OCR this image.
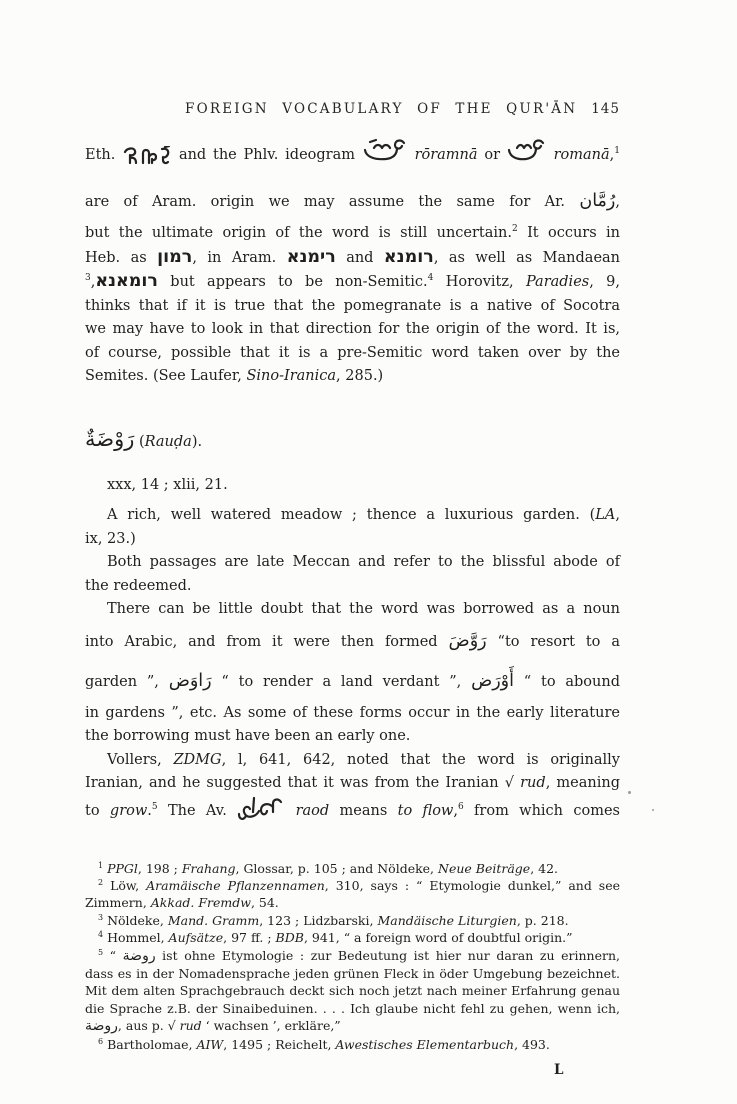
FOREIGN VOCABULARY OF THE QUR'ĀN 145
Eth.	and the Phlv. ideogram	rōramnā or	romanā,$^1$
are of Aram. origin we may assume the same for Ar. رُمَّان,
but the ultimate origin of the word is still uncertain.$^2$ It occurs in
Heb. as רמון, in Aram. רימנא and רומנא, as well as Mandaean
רומאנא,$^3$	but appears to be non-Semitic.$^4$ Horovitz, Paradies, 9,
thinks that if it is true that the pomegranate is a native of Socotra
we may have to look in that direction for the origin of the word. It is,
of course, possible that it is a pre-Semitic word taken over by the
Semites. (See Laufer, Sino-Iranica, 285.)
رَوْضَةٌ (Rauḍa).
xxx, 14 ; xlii, 21.
A rich, well watered meadow ; thence a luxurious garden. (LA,
ix, 23.)
Both passages are late Meccan and refer to the blissful abode of
the redeemed.
There can be little doubt that the word was borrowed as a noun
into Arabic, and from it were then formed رَوَّضَ “to resort to a
garden ”, رَاوَض “ to render a land verdant ”, أَوْرَض “ to abound
in gardens ”, etc. As some of these forms occur in the early literature
the borrowing must have been an early one.
Vollers, ZDMG, l, 641, 642, noted that the word is originally
Iranian, and he suggested that it was from the Iranian √ rud, meaning
to grow.$^5$ The Av.	raod means to flow,$^6$ from which comes
$^1$ PPGl, 198 ; Frahang, Glossar, p. 105 ; and Nöldeke, Neue Beiträge, 42.
$^2$ Löw, Aramäische Pflanzennamen, 310, says : “ Etymologie dunkel,” and see
Zimmern, Akkad. Fremdw, 54.
$^3$ Nöldeke, Mand. Gramm, 123 ; Lidzbarski, Mandäische Liturgien, p. 218.
$^4$ Hommel, Aufsätze, 97 ff. ; BDB, 941, “ a foreign word of doubtful origin.”
$^5$ “ روضة ist ohne Etymologie : zur Bedeutung ist hier nur daran zu erinnern,
dass es in der Nomadensprache jeden grünen Fleck in öder Umgebung bezeichnet.
Mit dem alten Sprachgebrauch deckt sich noch jetzt nach meiner Erfahrung genau
die Sprache z.B. der Sinaibeduinen. . . . Ich glaube nicht fehl zu gehen, wenn ich,
روضة, aus p. √ rud ‘ wachsen ’, erkläre,”
$^6$ Bartholomae, AIW, 1495 ; Reichelt, Awestisches Elementarbuch, 493.
L
